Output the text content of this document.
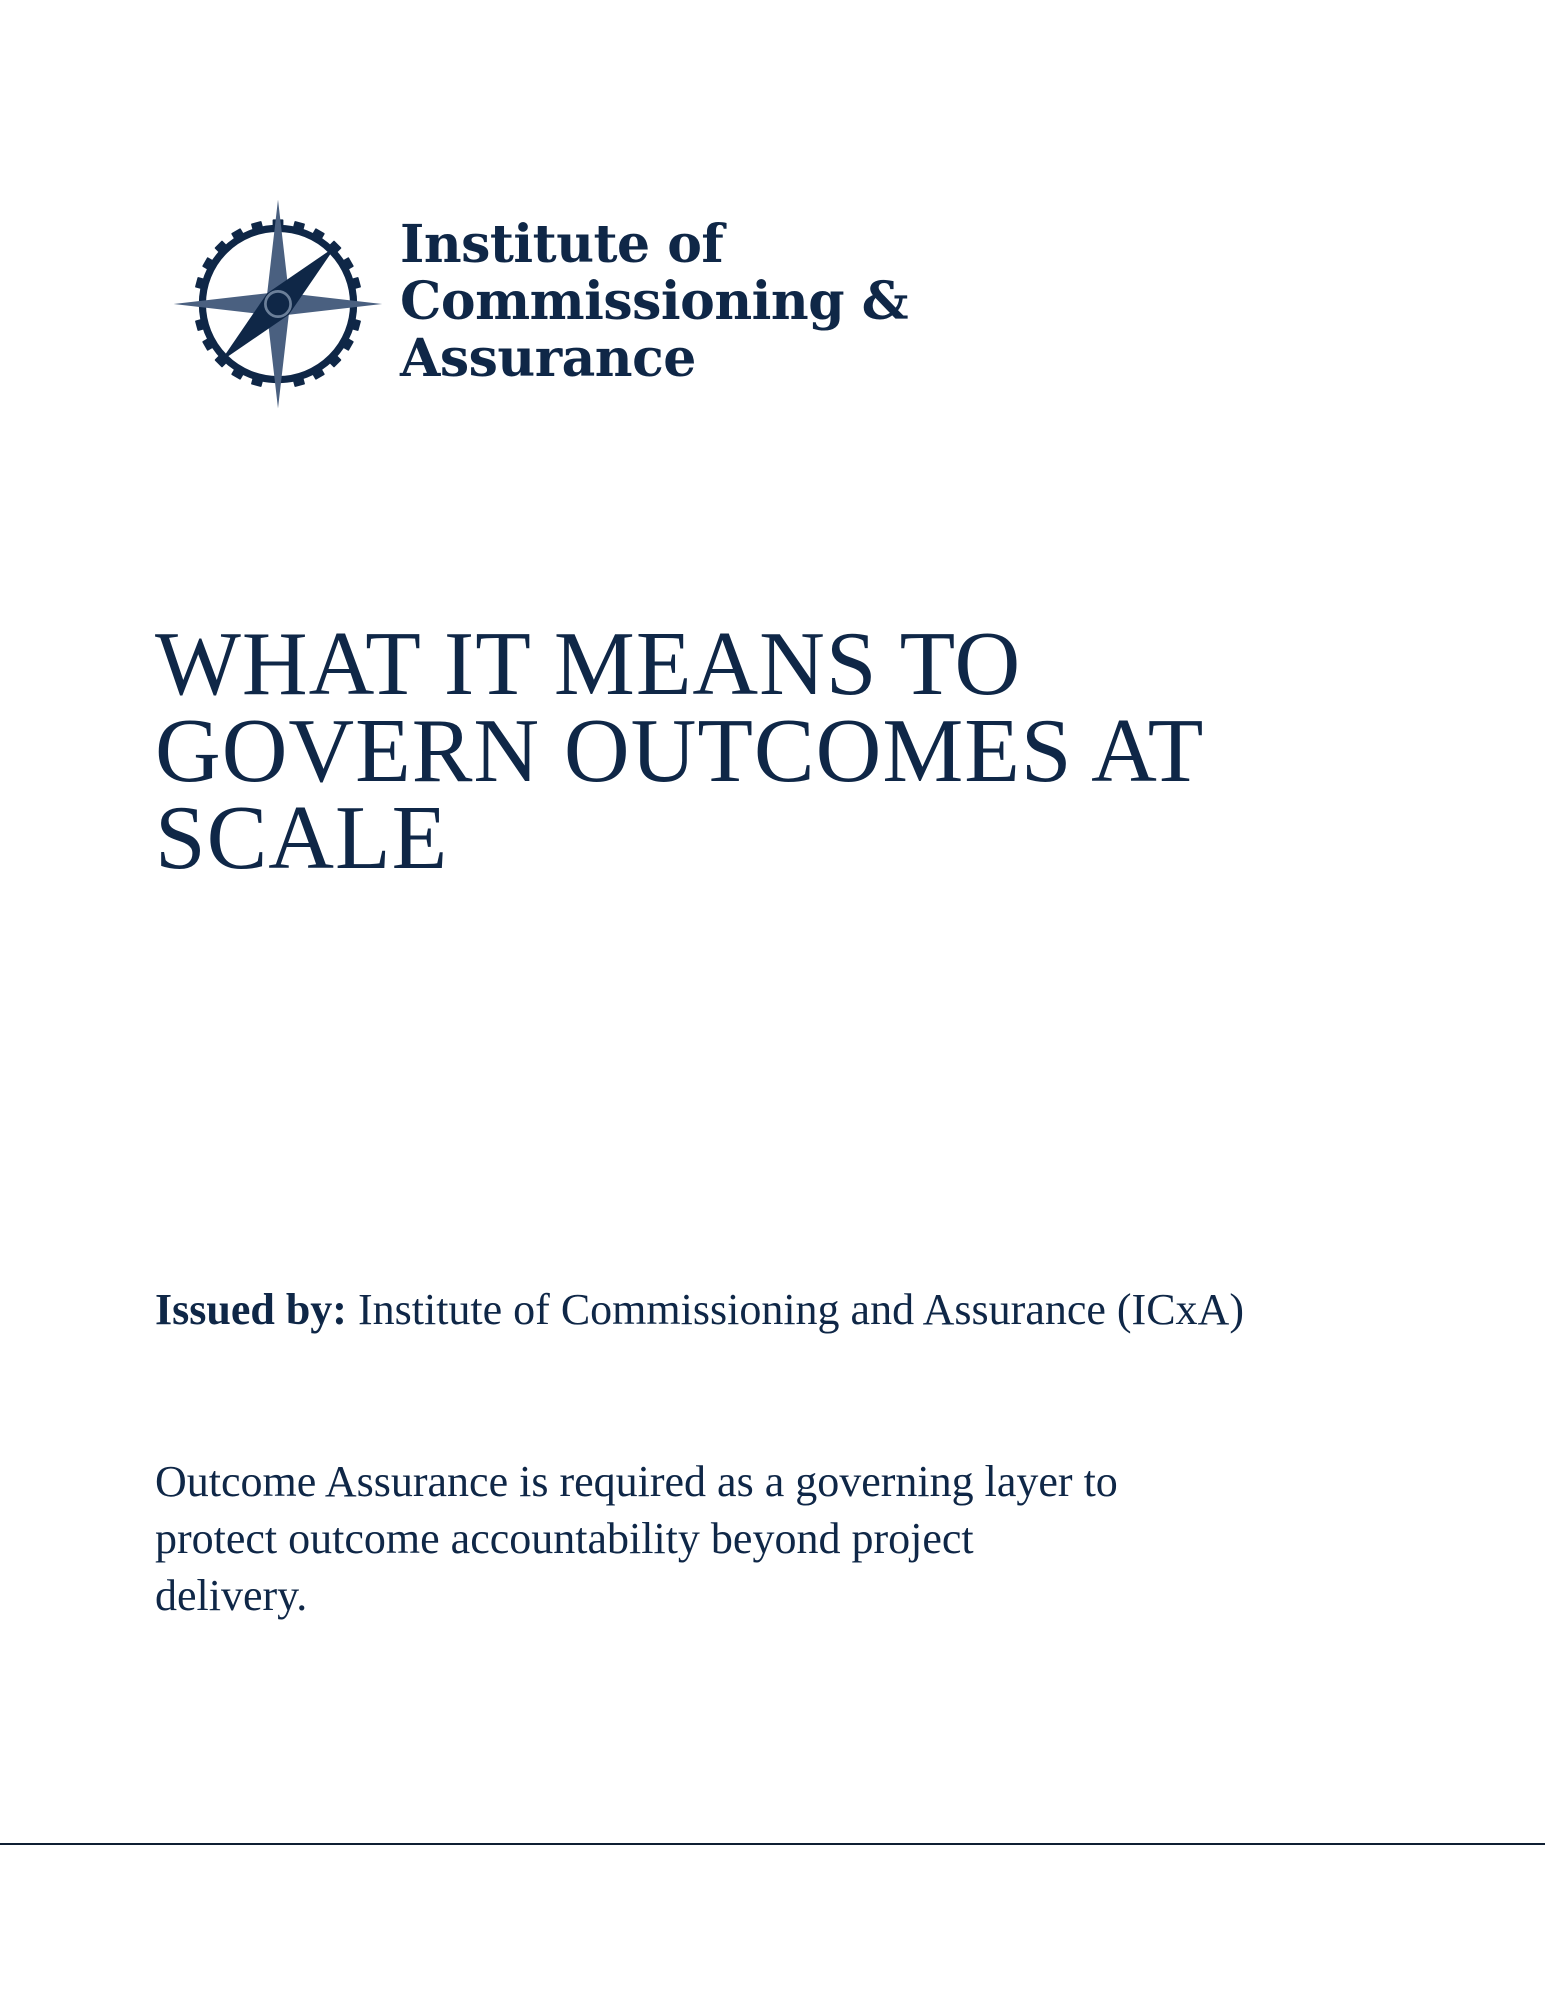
Institute of
Commissioning &
Assurance
WHAT IT MEANS TO
GOVERN OUTCOMES AT
SCALE

Issued by: Institute of Commissioning and Assurance (ICxA)

Outcome Assurance is required as a governing layer to
protect outcome accountability beyond project
delivery.
